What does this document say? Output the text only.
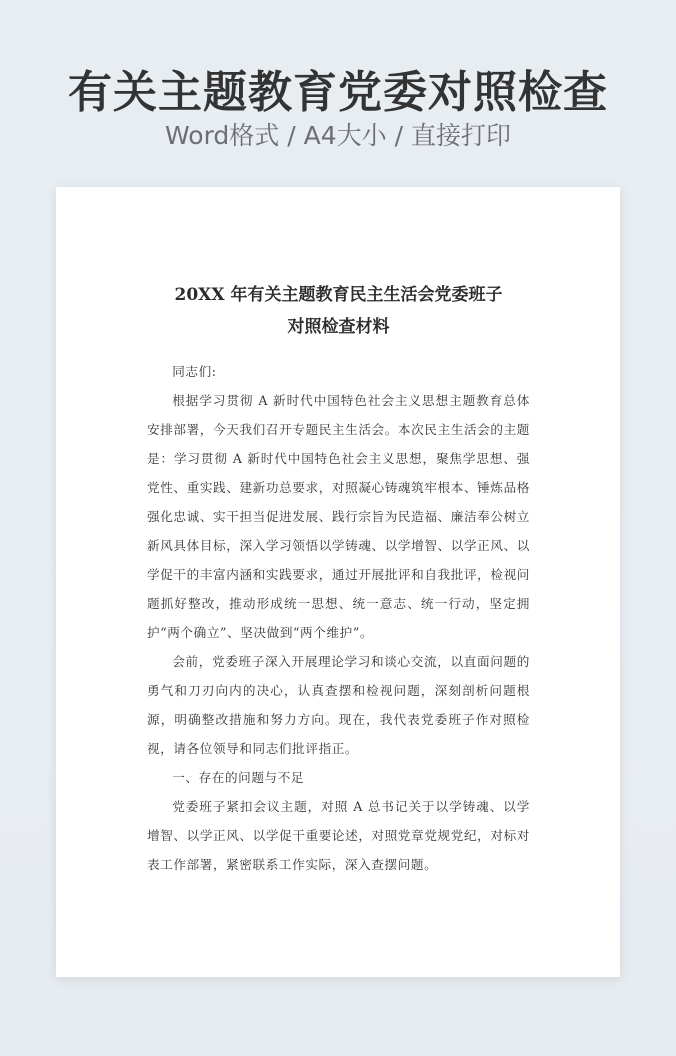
有关主题教育党委对照检查
Word格式 / A4大小 / 直接打印
20XX 年有关主题教育民主生活会党委班子
对照检查材料

同志们:

根据学习贯彻 A 新时代中国特色社会主义思想主题教育总体安排部署，今天我们召开专题民主生活会。本次民主生活会的主题是：学习贯彻 A 新时代中国特色社会主义思想，聚焦学思想、强党性、重实践、建新功总要求，对照凝心铸魂筑牢根本、锤炼品格强化忠诚、实干担当促进发展、践行宗旨为民造福、廉洁奉公树立新风具体目标，深入学习领悟以学铸魂、以学增智、以学正风、以学促干的丰富内涵和实践要求，通过开展批评和自我批评，检视问题抓好整改，推动形成统一思想、统一意志、统一行动，坚定拥护“两个确立”、坚决做到“两个维护”。

会前，党委班子深入开展理论学习和谈心交流，以直面问题的勇气和刀刃向内的决心，认真查摆和检视问题，深刻剖析问题根源，明确整改措施和努力方向。现在，我代表党委班子作对照检视，请各位领导和同志们批评指正。

一、存在的问题与不足

党委班子紧扣会议主题，对照 A 总书记关于以学铸魂、以学增智、以学正风、以学促干重要论述，对照党章党规党纪，对标对表工作部署，紧密联系工作实际，深入查摆问题。
